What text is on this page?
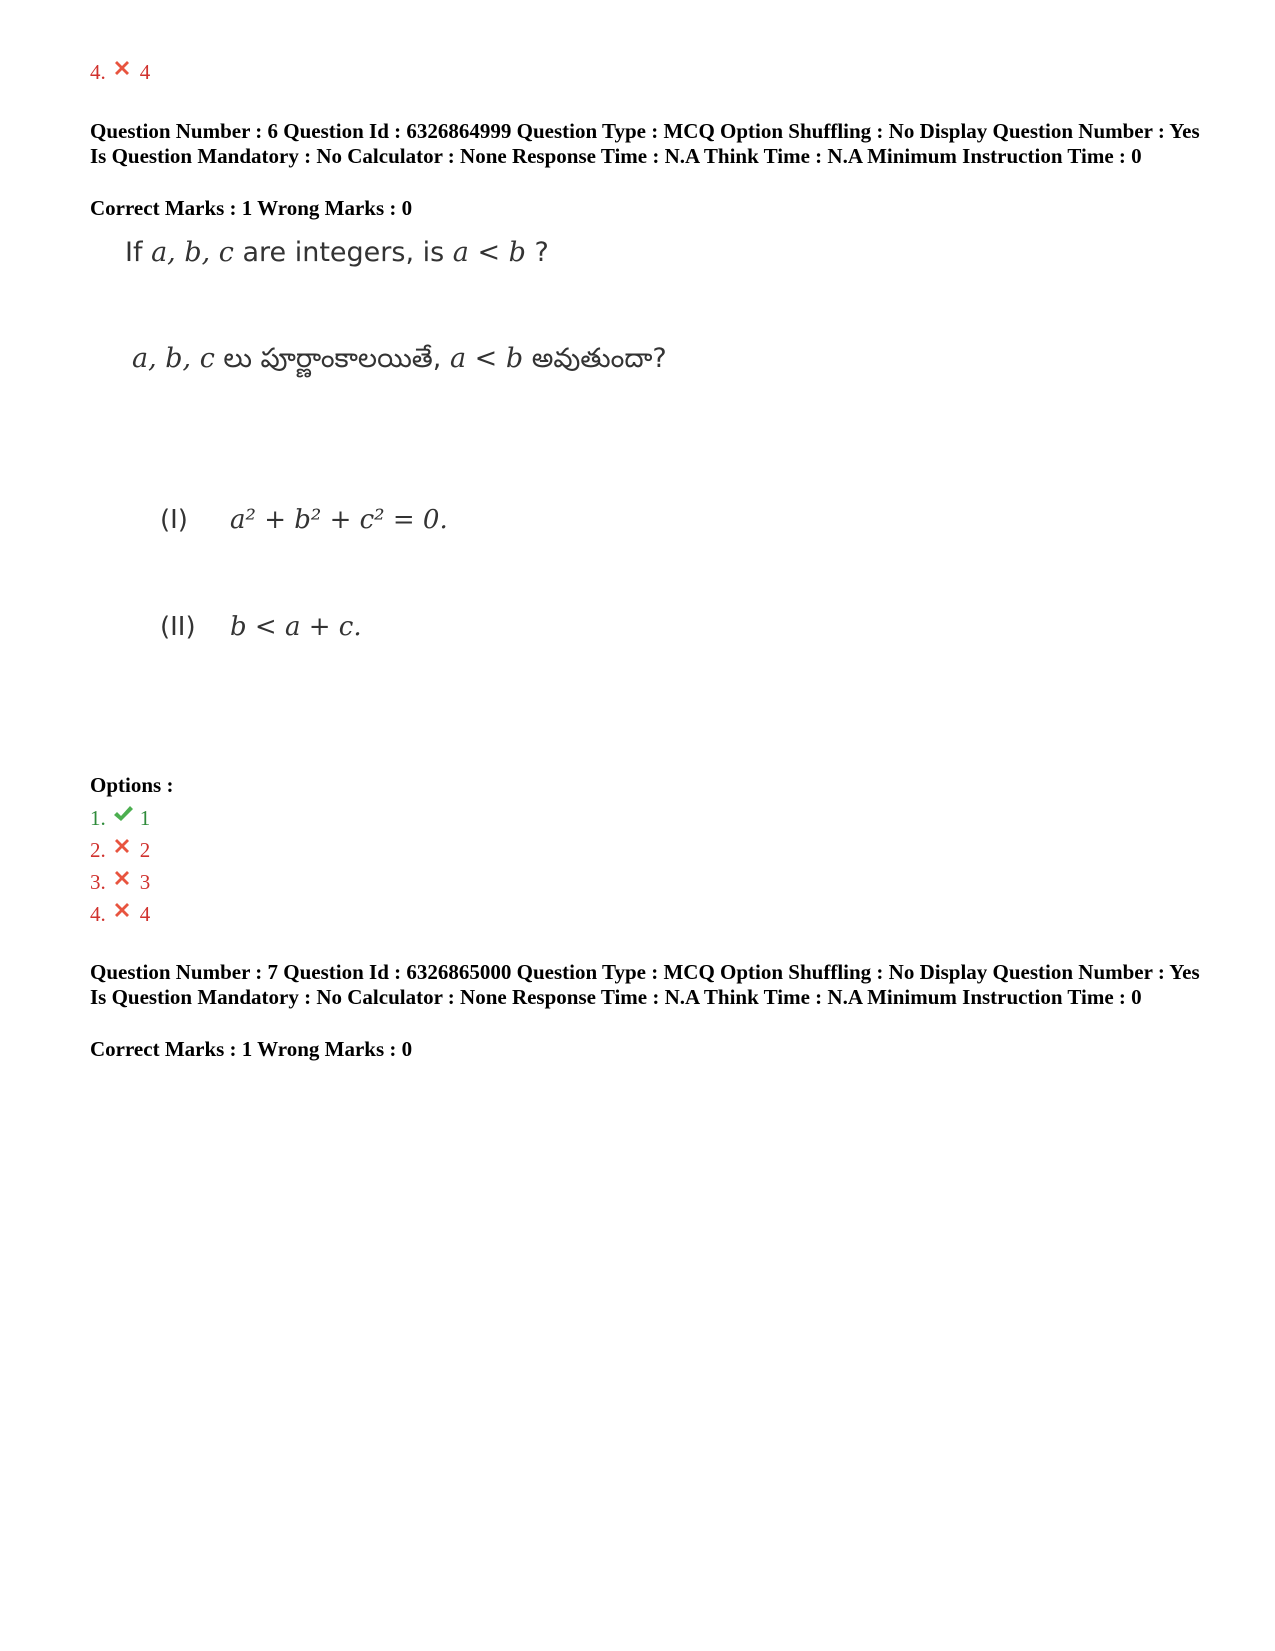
4. 4
Question Number : 6 Question Id : 6326864999 Question Type : MCQ Option Shuffling : No Display Question Number : Yes Is Question Mandatory : No Calculator : None Response Time : N.A Think Time : N.A Minimum Instruction Time : 0
Correct Marks : 1 Wrong Marks : 0
If a, b, c are integers, is a < b ?
a, b, c లు పూర్ణాంకాలయితే, a < b అవుతుందా?
(I) a² + b² + c² = 0.
(II) b < a + c.
Options :
1. 1
2. 2
3. 3
4. 4
Question Number : 7 Question Id : 6326865000 Question Type : MCQ Option Shuffling : No Display Question Number : Yes Is Question Mandatory : No Calculator : None Response Time : N.A Think Time : N.A Minimum Instruction Time : 0
Correct Marks : 1 Wrong Marks : 0
